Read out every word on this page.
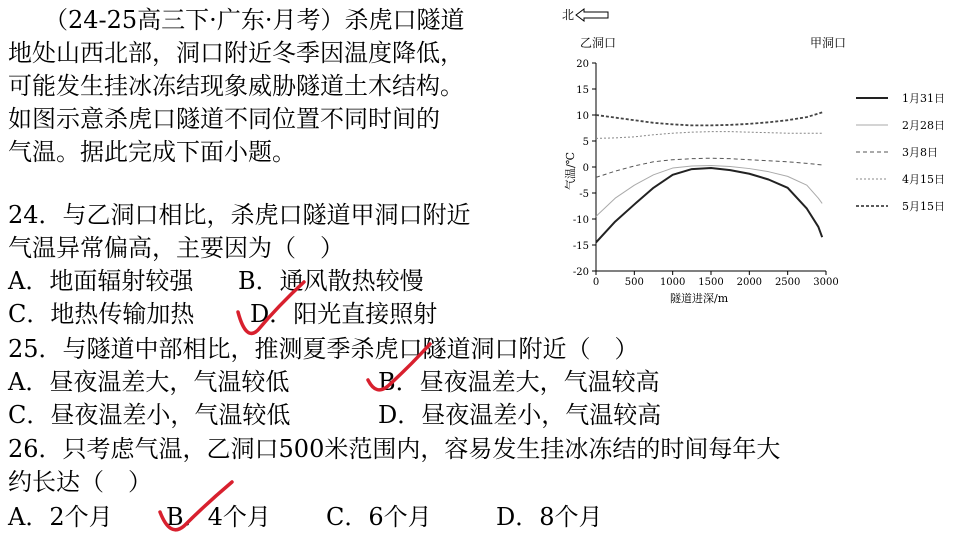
（24-25高三下·广东·月考）杀虎口隧道
地处山西北部，洞口附近冬季因温度降低，
可能发生挂冰冻结现象威胁隧道土木结构。
如图示意杀虎口隧道不同位置不同时间的
气温。据此完成下面小题。
24．与乙洞口相比，杀虎口隧道甲洞口附近
气温异常偏高，主要因为（　）
A．地面辐射较强 B．通风散热较慢
C．地热传输加热 D．阳光直接照射
25．与隧道中部相比，推测夏季杀虎口隧道洞口附近（　）
A．昼夜温差大，气温较低	B．昼夜温差大，气温较高
C．昼夜温差小，气温较低	D．昼夜温差小，气温较高
26．只考虑气温，乙洞口500米范围内，容易发生挂冰冻结的时间每年大
约长达（　）
A．2个月 B．4个月 C．6个月	D．8个月
北
乙洞口	甲洞口
气温/℃
隧道进深/m
-20
-15
-10
-5
0
5
10
15
20
0	500 1000 1500 2000 2500 3000
1月31日
2月28日
3月8日
4月15日
5月15日
